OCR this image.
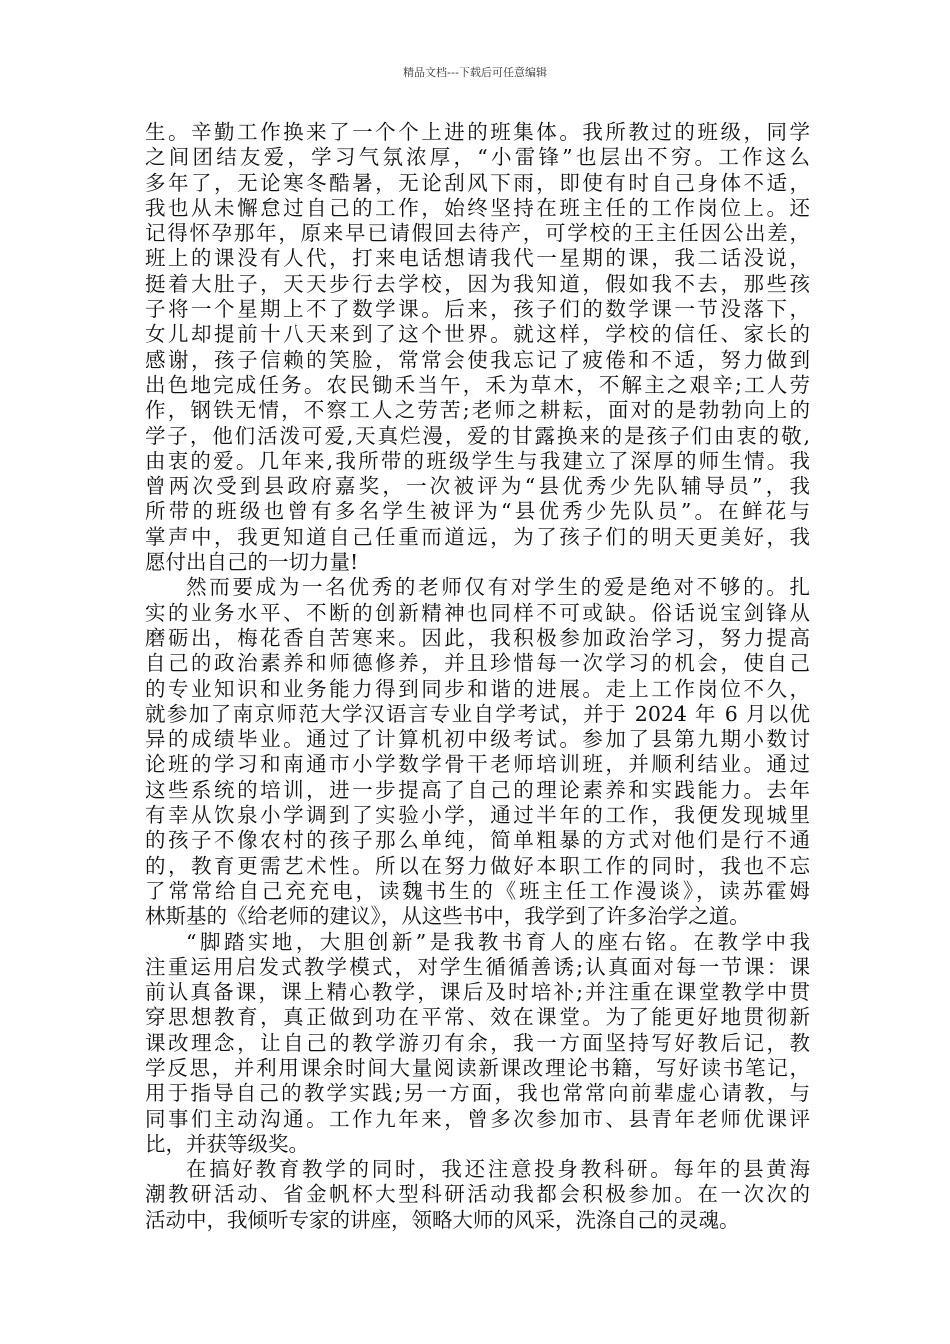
精品文档---下载后可任意编辑
生。辛勤工作换来了一个个上进的班集体。我所教过的班级，同学
之间团结友爱，学习气氛浓厚，“小雷锋”也层出不穷。工作这么
多年了，无论寒冬酷暑，无论刮风下雨，即使有时自己身体不适，
我也从未懈怠过自己的工作，始终坚持在班主任的工作岗位上。还
记得怀孕那年，原来早已请假回去待产，可学校的王主任因公出差，
班上的课没有人代，打来电话想请我代一星期的课，我二话没说，
挺着大肚子，天天步行去学校，因为我知道，假如我不去，那些孩
子将一个星期上不了数学课。后来，孩子们的数学课一节没落下，
女儿却提前十八天来到了这个世界。就这样，学校的信任、家长的
感谢，孩子信赖的笑脸，常常会使我忘记了疲倦和不适，努力做到
出色地完成任务。农民锄禾当午，禾为草木，不解主之艰辛;工人劳
作，钢铁无情，不察工人之劳苦;老师之耕耘，面对的是勃勃向上的
学子，他们活泼可爱,天真烂漫，爱的甘露换来的是孩子们由衷的敬,
由衷的爱。几年来,我所带的班级学生与我建立了深厚的师生情。我
曾两次受到县政府嘉奖，一次被评为“县优秀少先队辅导员”，我
所带的班级也曾有多名学生被评为“县优秀少先队员”。在鲜花与
掌声中，我更知道自己任重而道远，为了孩子们的明天更美好，我
愿付出自己的一切力量!
然而要成为一名优秀的老师仅有对学生的爱是绝对不够的。扎
实的业务水平、不断的创新精神也同样不可或缺。俗话说宝剑锋从
磨砺出，梅花香自苦寒来。因此，我积极参加政治学习，努力提高
自己的政治素养和师德修养，并且珍惜每一次学习的机会，使自己
的专业知识和业务能力得到同步和谐的进展。走上工作岗位不久，
就参加了南京师范大学汉语言专业自学考试，并于 2024 年 6 月以优
异的成绩毕业。通过了计算机初中级考试。参加了县第九期小数讨
论班的学习和南通市小学数学骨干老师培训班，并顺利结业。通过
这些系统的培训，进一步提高了自己的理论素养和实践能力。去年
有幸从饮泉小学调到了实验小学，通过半年的工作，我便发现城里
的孩子不像农村的孩子那么单纯，简单粗暴的方式对他们是行不通
的，教育更需艺术性。所以在努力做好本职工作的同时，我也不忘
了常常给自己充充电，读魏书生的《班主任工作漫谈》，读苏霍姆
林斯基的《给老师的建议》，从这些书中，我学到了许多治学之道。
“脚踏实地，大胆创新”是我教书育人的座右铭。在教学中我
注重运用启发式教学模式，对学生循循善诱;认真面对每一节课：课
前认真备课，课上精心教学，课后及时培补;并注重在课堂教学中贯
穿思想教育，真正做到功在平常、效在课堂。为了能更好地贯彻新
课改理念，让自己的教学游刃有余，我一方面坚持写好教后记，教
学反思，并利用课余时间大量阅读新课改理论书籍，写好读书笔记，
用于指导自己的教学实践;另一方面，我也常常向前辈虚心请教，与
同事们主动沟通。工作九年来，曾多次参加市、县青年老师优课评
比，并获等级奖。
在搞好教育教学的同时，我还注意投身教科研。每年的县黄海
潮教研活动、省金帆杯大型科研活动我都会积极参加。在一次次的
活动中，我倾听专家的讲座，领略大师的风采，洗涤自己的灵魂。
